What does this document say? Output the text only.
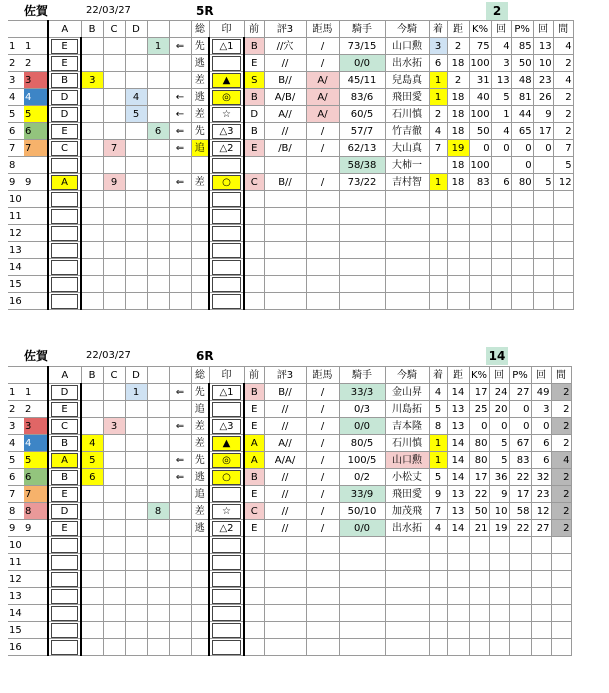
佐賀	22/03/27	5R	2
		A	B	C	D			総	印	前	評3	距馬	騎手	今騎	着	距	K%	回	P%	回	間
1	1	E				1	⇐	先	△1	B	//穴	/	73/15	山口勲	3	2	75	4	85	13	4
2	2	E						逃		E	//	/	0/0	出水拓	6	18	100	3	50	10	2
3	3	B	3					差	▲	S	B//	A/	45/11	兒島真	1	2	31	13	48	23	4
4	4	D			4		←	逃	◎	B	A/B/	A/	83/6	飛田愛	1	18	40	5	81	26	2
5	5	D			5		←	差	☆	D	A//	A/	60/5	石川慎	2	18	100	1	44	9	2
6	6	E				6	⇐	先	△3	B	//	/	57/7	竹吉徹	4	18	50	4	65	17	2
7	7	C		7			⇐	追	△2	E	/B/	/	62/13	大山真	7	19	0	0	0	0	7
8													58/38	大柿一		18	100		0		5
9	9	A		9			⇐	差	○	C	B//	/	73/22	吉村智	1	18	83	6	80	5	12
10		

11		

12		

13		

14		

15		

16		

佐賀	22/03/27	6R	14
		A	B	C	D			総	印	前	評3	距馬	騎手	今騎	着	距	K%	回	P%	回	間
1	1	D			1		⇐	先	△1	B	B//	/	33/3	金山昇	4	14	17	24	27	49	2
2	2	E						追		E	//	/	0/3	川島拓	5	13	25	20	0	3	2
3	3	C		3			⇐	差	△3	E	//	/	0/0	吉本隆	8	13	0	0	0	0	2
4	4	B	4					差	▲	A	A//	/	80/5	石川慎	1	14	80	5	67	6	2
5	5	A	5				⇐	先	◎	A	A/A/	/	100/5	山口勲	1	14	80	5	83	6	4
6	6	B	6				⇐	逃	○	B	//	/	0/2	小松丈	5	14	17	36	22	32	2
7	7	E						追		E	//	/	33/9	飛田愛	9	13	22	9	17	23	2
8	8	D				8		差	☆	C	//	/	50/10	加茂飛	7	13	50	10	58	12	2
9	9	E						逃	△2	E	//	/	0/0	出水拓	4	14	21	19	22	27	2
10		

11		

12		

13		

14		

15		

16		
